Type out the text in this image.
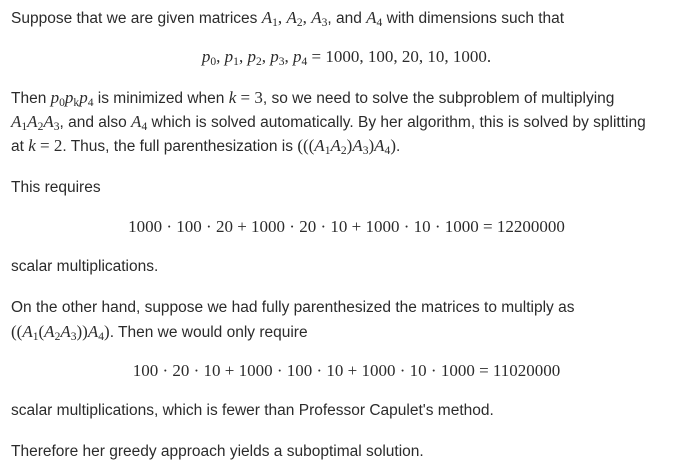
Suppose that we are given matrices $A_1$, $A_2$, $A_3$, and $A_4$ with dimensions such that
$p_0$, $p_1$, $p_2$, $p_3$, $p_4 = 1000$, 100, 20, 10, 1000.
Then $p_0p_kp_4$ is minimized when k = 3, so we need to solve the subproblem of multiplying
$A_1A_2A_3$, and also $A_4$ which is solved automatically. By her algorithm, this is solved by splitting
at k = 2. Thus, the full parenthesization is $(((A_1A_2)A_3)A_4)$.
This requires
1000 · 100 · 20 + 1000 · 20 · 10 + 1000 · 10 · 1000 = 12200000
scalar multiplications.
On the other hand, suppose we had fully parenthesized the matrices to multiply as
$((A_1(A_2A_3))A_4)$. Then we would only require
100 · 20 · 10 + 1000 · 100 · 10 + 1000 · 10 · 1000 = 11020000
scalar multiplications, which is fewer than Professor Capulet's method.
Therefore her greedy approach yields a suboptimal solution.
